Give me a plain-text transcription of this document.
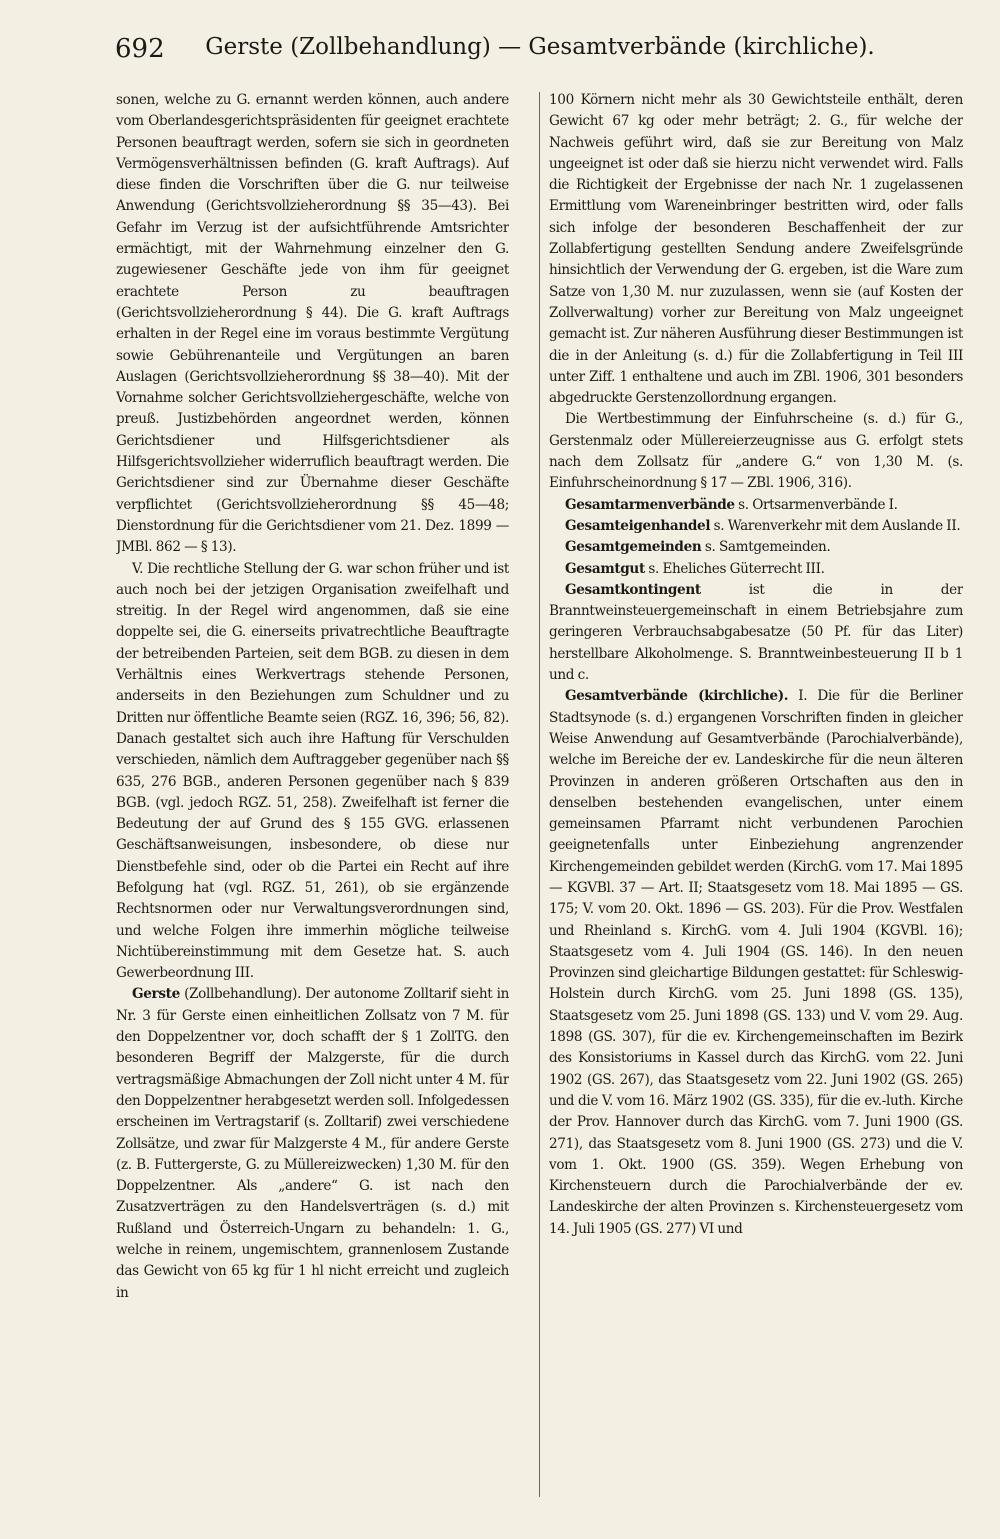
692	Gerste (Zollbehandlung) — Gesamtverbände (kirchliche).

sonen, welche zu G. ernannt werden können, auch andere vom Oberlandesgerichtspräsidenten für geeignet erachtete Personen beauftragt werden, sofern sie sich in geordneten Vermögensverhältnissen befinden (G. kraft Auftrags). Auf diese finden die Vorschriften über die G. nur teilweise Anwendung (Gerichtsvollzieherordnung §§ 35—43). Bei Gefahr im Verzug ist der aufsichtführende Amtsrichter ermächtigt, mit der Wahrnehmung einzelner den G. zugewiesener Geschäfte jede von ihm für geeignet erachtete Person zu beauftragen (Gerichtsvollzieherordnung § 44). Die G. kraft Auftrags erhalten in der Regel eine im voraus bestimmte Vergütung sowie Gebührenanteile und Vergütungen an baren Auslagen (Gerichtsvollzieherordnung §§ 38—40). Mit der Vornahme solcher Gerichtsvollziehergeschäfte, welche von preuß. Justizbehörden angeordnet werden, können Gerichtsdiener und Hilfsgerichtsdiener als Hilfsgerichtsvollzieher widerruflich beauftragt werden. Die Gerichtsdiener sind zur Übernahme dieser Geschäfte verpflichtet (Gerichtsvollzieherordnung §§ 45—48; Dienstordnung für die Gerichtsdiener vom 21. Dez. 1899 — JMBl. 862 — § 13).

V. Die rechtliche Stellung der G. war schon früher und ist auch noch bei der jetzigen Organisation zweifelhaft und streitig. In der Regel wird angenommen, daß sie eine doppelte sei, die G. einerseits privatrechtliche Beauftragte der betreibenden Parteien, seit dem BGB. zu diesen in dem Verhältnis eines Werkvertrags stehende Personen, anderseits in den Beziehungen zum Schuldner und zu Dritten nur öffentliche Beamte seien (RGZ. 16, 396; 56, 82). Danach gestaltet sich auch ihre Haftung für Verschulden verschieden, nämlich dem Auftraggeber gegenüber nach §§ 635, 276 BGB., anderen Personen gegenüber nach § 839 BGB. (vgl. jedoch RGZ. 51, 258). Zweifelhaft ist ferner die Bedeutung der auf Grund des § 155 GVG. erlassenen Geschäftsanweisungen, insbesondere, ob diese nur Dienstbefehle sind, oder ob die Partei ein Recht auf ihre Befolgung hat (vgl. RGZ. 51, 261), ob sie ergänzende Rechtsnormen oder nur Verwaltungsverordnungen sind, und welche Folgen ihre immerhin mögliche teilweise Nichtübereinstimmung mit dem Gesetze hat. S. auch Gewerbeordnung III.

Gerste (Zollbehandlung). Der autonome Zolltarif sieht in Nr. 3 für Gerste einen einheitlichen Zollsatz von 7 M. für den Doppelzentner vor, doch schafft der § 1 ZollTG. den besonderen Begriff der Malzgerste, für die durch vertragsmäßige Abmachungen der Zoll nicht unter 4 M. für den Doppelzentner herabgesetzt werden soll. Infolgedessen erscheinen im Vertragstarif (s. Zolltarif) zwei verschiedene Zollsätze, und zwar für Malzgerste 4 M., für andere Gerste (z. B. Futtergerste, G. zu Müllereizwecken) 1,30 M. für den Doppelzentner. Als „andere“ G. ist nach den Zusatzverträgen zu den Handelsverträgen (s. d.) mit Rußland und Österreich-Ungarn zu behandeln: 1. G., welche in reinem, ungemischtem, grannenlosem Zustande das Gewicht von 65 kg für 1 hl nicht erreicht und zugleich in

100 Körnern nicht mehr als 30 Gewichtsteile enthält, deren Gewicht 67 kg oder mehr beträgt; 2. G., für welche der Nachweis geführt wird, daß sie zur Bereitung von Malz ungeeignet ist oder daß sie hierzu nicht verwendet wird. Falls die Richtigkeit der Ergebnisse der nach Nr. 1 zugelassenen Ermittlung vom Wareneinbringer bestritten wird, oder falls sich infolge der besonderen Beschaffenheit der zur Zollabfertigung gestellten Sendung andere Zweifelsgründe hinsichtlich der Verwendung der G. ergeben, ist die Ware zum Satze von 1,30 M. nur zuzulassen, wenn sie (auf Kosten der Zollverwaltung) vorher zur Bereitung von Malz ungeeignet gemacht ist. Zur näheren Ausführung dieser Bestimmungen ist die in der Anleitung (s. d.) für die Zollabfertigung in Teil III unter Ziff. 1 enthaltene und auch im ZBl. 1906, 301 besonders abgedruckte Gerstenzollordnung ergangen.

Die Wertbestimmung der Einfuhrscheine (s. d.) für G., Gerstenmalz oder Müllereierzeugnisse aus G. erfolgt stets nach dem Zollsatz für „andere G.“ von 1,30 M. (s. Einfuhrscheinordnung § 17 — ZBl. 1906, 316).

Gesamtarmenverbände s. Ortsarmenverbände I.

Gesamteigenhandel s. Warenverkehr mit dem Auslande II.

Gesamtgemeinden s. Samtgemeinden.

Gesamtgut s. Eheliches Güterrecht III.

Gesamtkontingent ist die in der Branntweinsteuergemeinschaft in einem Betriebsjahre zum geringeren Verbrauchsabgabesatze (50 Pf. für das Liter) herstellbare Alkoholmenge. S. Branntweinbesteuerung II b 1 und c.

Gesamtverbände (kirchliche). I. Die für die Berliner Stadtsynode (s. d.) ergangenen Vorschriften finden in gleicher Weise Anwendung auf Gesamtverbände (Parochialverbände), welche im Bereiche der ev. Landeskirche für die neun älteren Provinzen in anderen größeren Ortschaften aus den in denselben bestehenden evangelischen, unter einem gemeinsamen Pfarramt nicht verbundenen Parochien geeignetenfalls unter Einbeziehung angrenzender Kirchengemeinden gebildet werden (KirchG. vom 17. Mai 1895 — KGVBl. 37 — Art. II; Staatsgesetz vom 18. Mai 1895 — GS. 175; V. vom 20. Okt. 1896 — GS. 203). Für die Prov. Westfalen und Rheinland s. KirchG. vom 4. Juli 1904 (KGVBl. 16); Staatsgesetz vom 4. Juli 1904 (GS. 146). In den neuen Provinzen sind gleichartige Bildungen gestattet: für Schleswig-Holstein durch KirchG. vom 25. Juni 1898 (GS. 135), Staatsgesetz vom 25. Juni 1898 (GS. 133) und V. vom 29. Aug. 1898 (GS. 307), für die ev. Kirchengemeinschaften im Bezirk des Konsistoriums in Kassel durch das KirchG. vom 22. Juni 1902 (GS. 267), das Staatsgesetz vom 22. Juni 1902 (GS. 265) und die V. vom 16. März 1902 (GS. 335), für die ev.-luth. Kirche der Prov. Hannover durch das KirchG. vom 7. Juni 1900 (GS. 271), das Staatsgesetz vom 8. Juni 1900 (GS. 273) und die V. vom 1. Okt. 1900 (GS. 359). Wegen Erhebung von Kirchensteuern durch die Parochialverbände der ev. Landeskirche der alten Provinzen s. Kirchensteuergesetz vom 14. Juli 1905 (GS. 277) VI und
